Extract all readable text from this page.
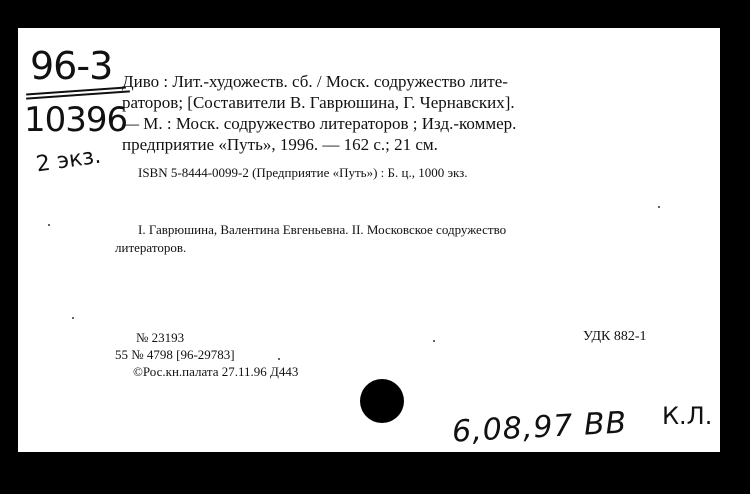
96-3
10396
2 экз.
Диво : Лит.-художеств. сб. / Моск. содружество лите-
раторов; [Составители В. Гаврюшина, Г. Чернавских].
— М. : Моск. содружество литераторов ; Изд.-коммер.
предприятие «Путь», 1996. — 162 с.; 21 см.
ISBN 5-8444-0099-2 (Предприятие «Путь») : Б. ц., 1000 экз.
I. Гаврюшина, Валентина Евгеньевна. II. Московское содружество
литераторов.
№ 23193
55 № 4798 [96-29783]
©Рос.кн.палата 27.11.96 Д443
УДК 882-1
6,08,97 BB К.Л.
